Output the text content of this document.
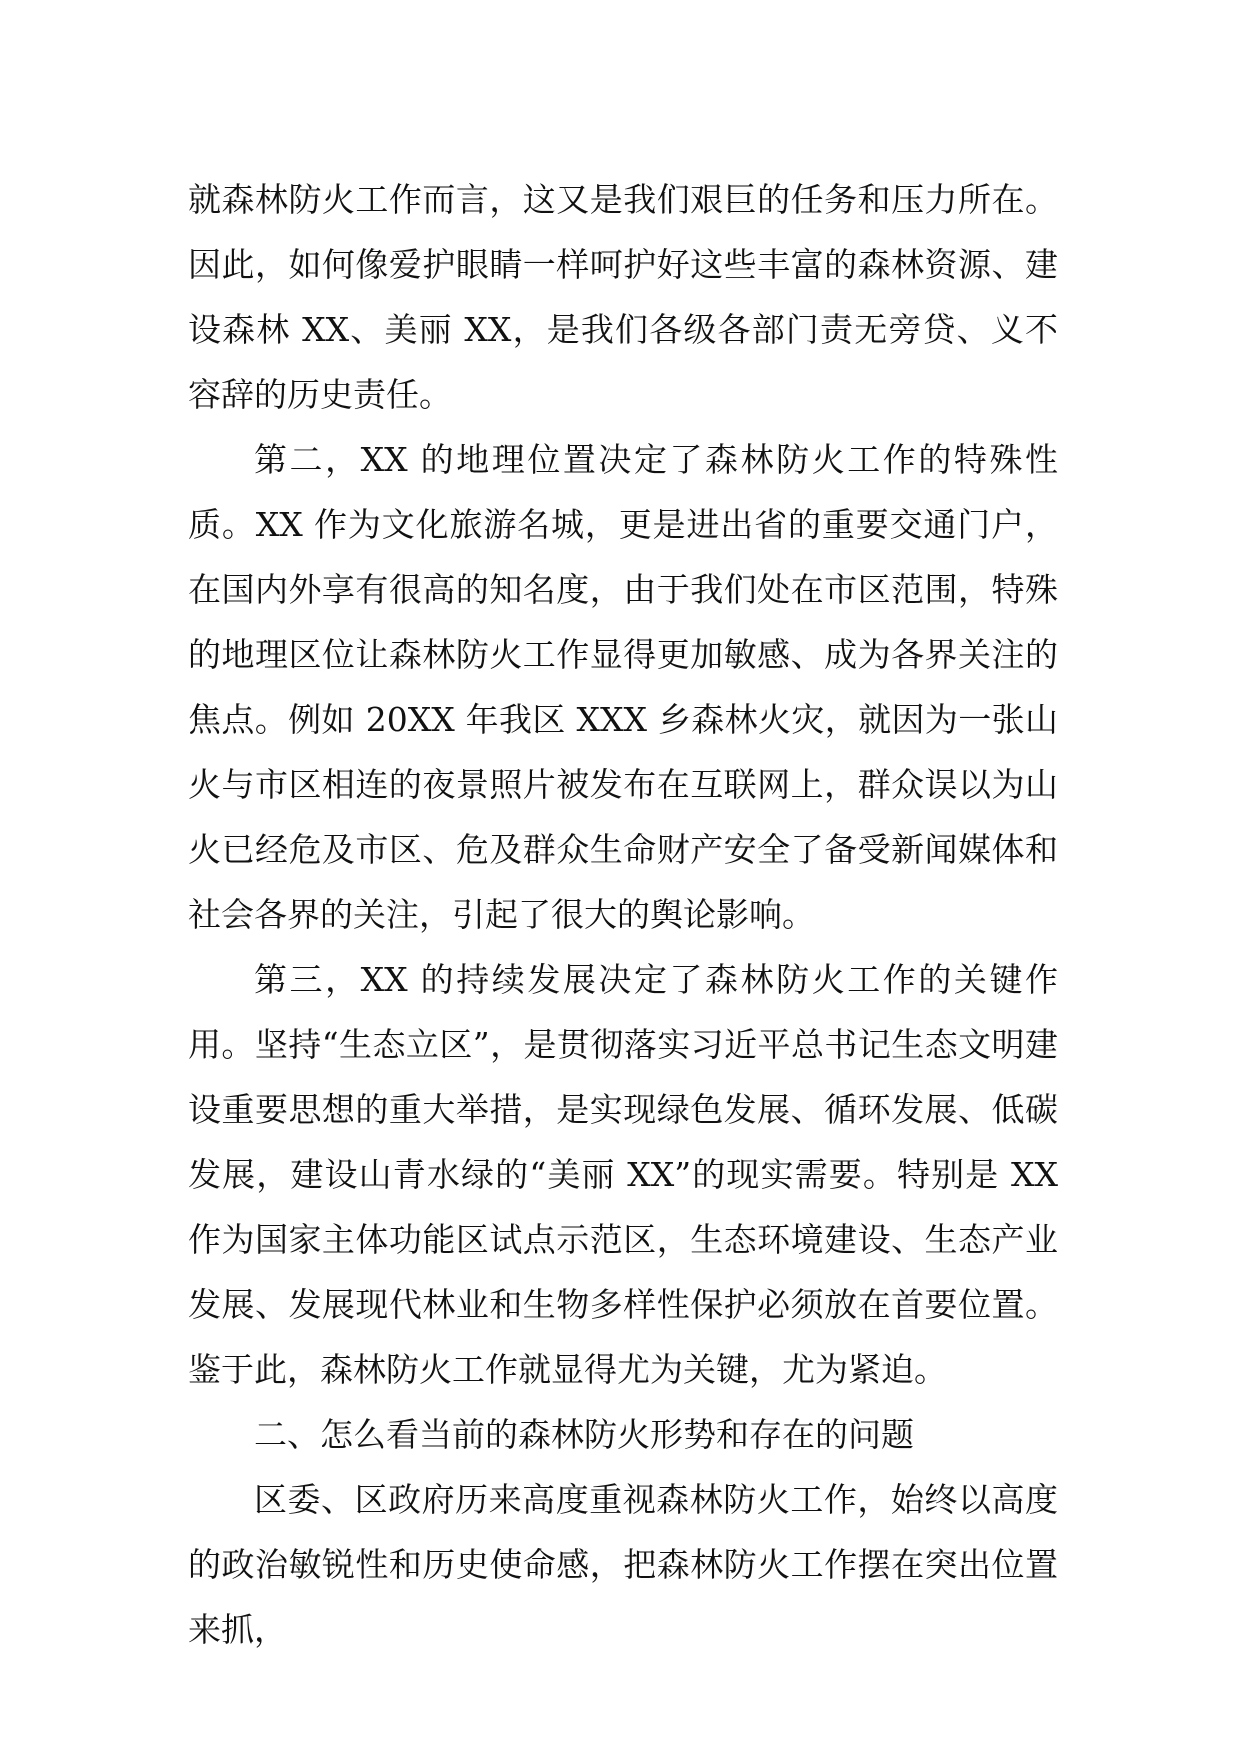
就森林防火工作而言，这又是我们艰巨的任务和压力所在。因此，如何像爱护眼睛一样呵护好这些丰富的森林资源、建设森林 XX、美丽 XX，是我们各级各部门责无旁贷、义不容辞的历史责任。

第二，XX 的地理位置决定了森林防火工作的特殊性质。XX 作为文化旅游名城，更是进出省的重要交通门户，在国内外享有很高的知名度，由于我们处在市区范围，特殊的地理区位让森林防火工作显得更加敏感、成为各界关注的焦点。例如 20XX 年我区 XXX 乡森林火灾，就因为一张山火与市区相连的夜景照片被发布在互联网上，群众误以为山火已经危及市区、危及群众生命财产安全了备受新闻媒体和社会各界的关注，引起了很大的舆论影响。

第三，XX 的持续发展决定了森林防火工作的关键作用。坚持“生态立区”，是贯彻落实习近平总书记生态文明建设重要思想的重大举措，是实现绿色发展、循环发展、低碳发展，建设山青水绿的“美丽 XX”的现实需要。特别是 XX 作为国家主体功能区试点示范区，生态环境建设、生态产业发展、发展现代林业和生物多样性保护必须放在首要位置。鉴于此，森林防火工作就显得尤为关键，尤为紧迫。

二、怎么看当前的森林防火形势和存在的问题

区委、区政府历来高度重视森林防火工作，始终以高度的政治敏锐性和历史使命感，把森林防火工作摆在突出位置来抓，
